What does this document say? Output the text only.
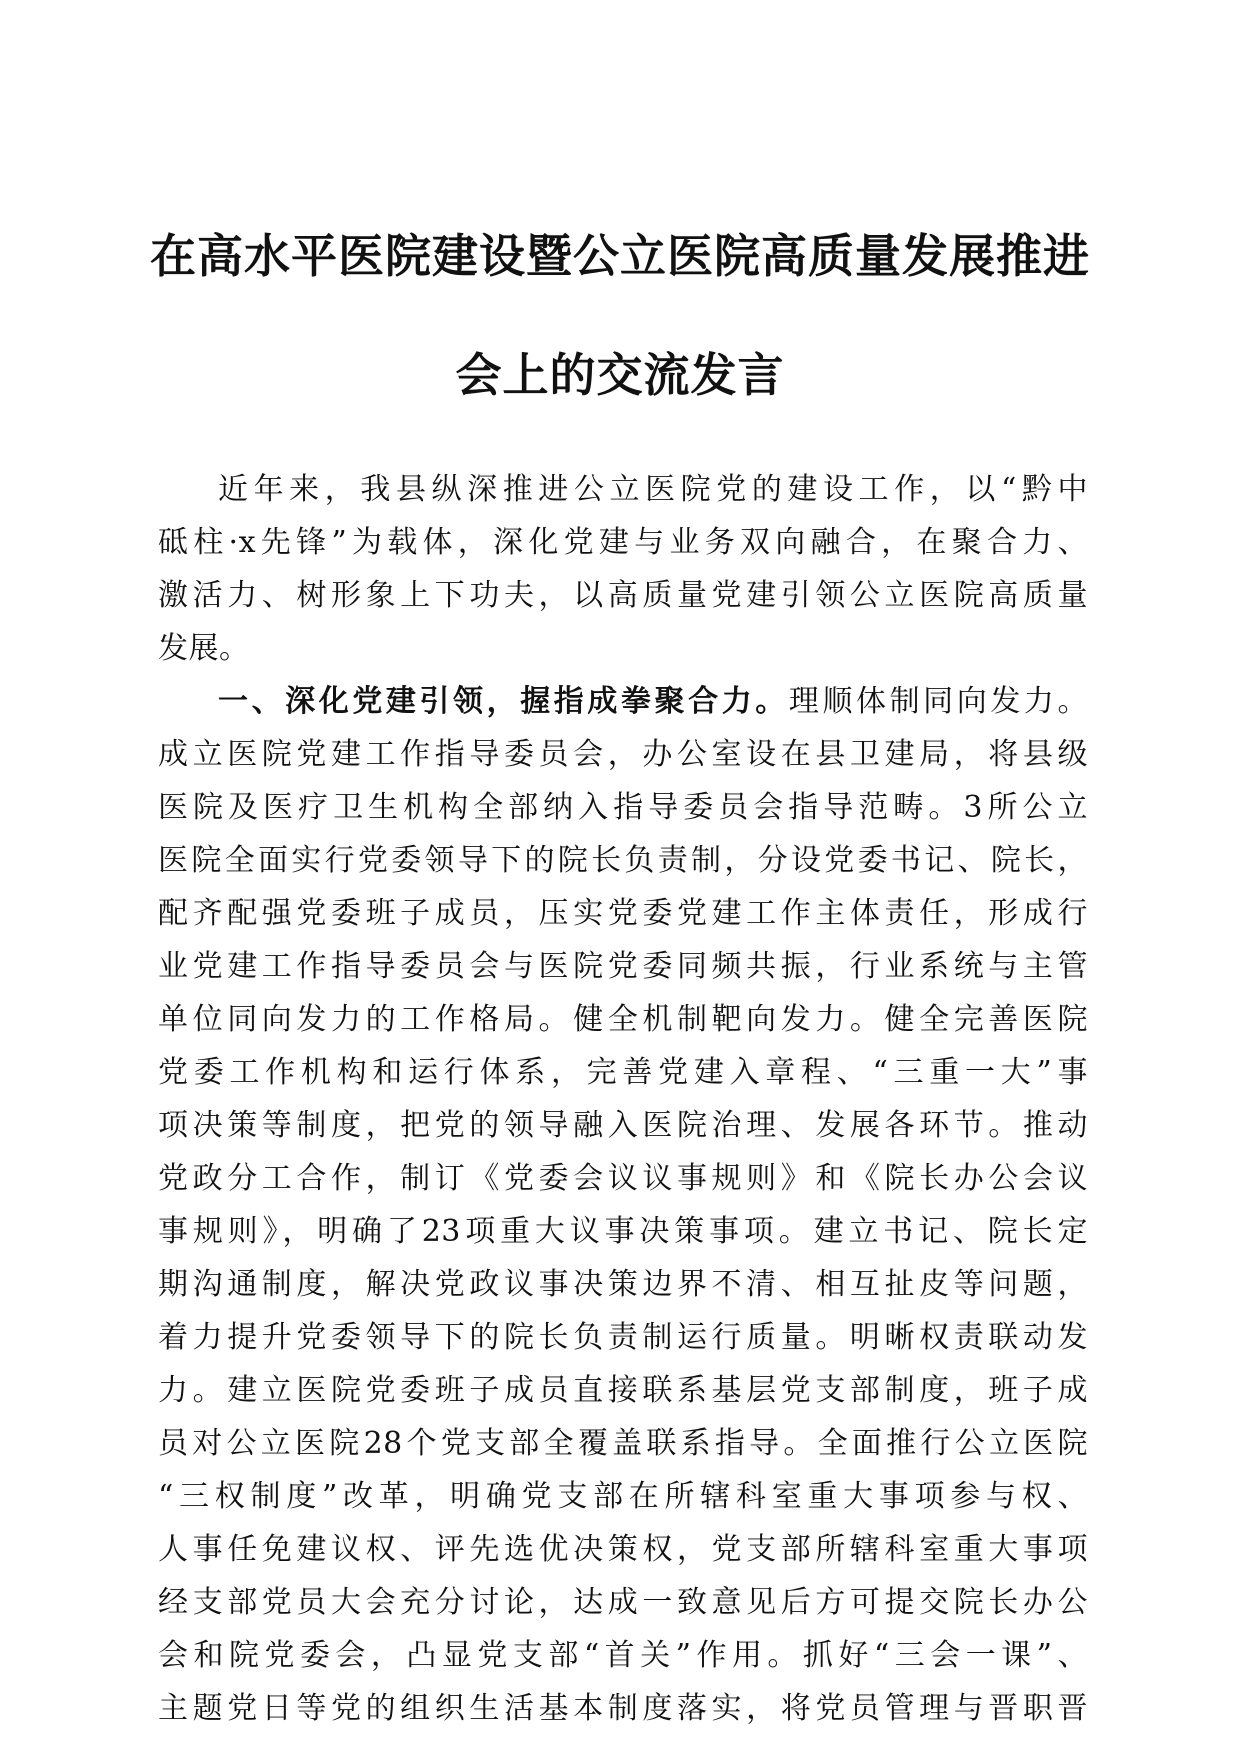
在高水平医院建设暨公立医院高质量发展推进
会上的交流发言
近年来，我县纵深推进公立医院党的建设工作，以“黔中
砥柱·x先锋”为载体，深化党建与业务双向融合，在聚合力、
激活力、树形象上下功夫，以高质量党建引领公立医院高质量
发展。
一、深化党建引领，握指成拳聚合力。理顺体制同向发力。
成立医院党建工作指导委员会，办公室设在县卫建局，将县级
医院及医疗卫生机构全部纳入指导委员会指导范畴。3所公立
医院全面实行党委领导下的院长负责制，分设党委书记、院长，
配齐配强党委班子成员，压实党委党建工作主体责任，形成行
业党建工作指导委员会与医院党委同频共振，行业系统与主管
单位同向发力的工作格局。健全机制靶向发力。健全完善医院
党委工作机构和运行体系，完善党建入章程、“三重一大”事
项决策等制度，把党的领导融入医院治理、发展各环节。推动
党政分工合作，制订《党委会议议事规则》和《院长办公会议
事规则》，明确了23项重大议事决策事项。建立书记、院长定
期沟通制度，解决党政议事决策边界不清、相互扯皮等问题，
着力提升党委领导下的院长负责制运行质量。明晰权责联动发
力。建立医院党委班子成员直接联系基层党支部制度，班子成
员对公立医院28个党支部全覆盖联系指导。全面推行公立医院
“三权制度”改革，明确党支部在所辖科室重大事项参与权、
人事任免建议权、评先选优决策权，党支部所辖科室重大事项
经支部党员大会充分讨论，达成一致意见后方可提交院长办公
会和院党委会，凸显党支部“首关”作用。抓好“三会一课”、
主题党日等党的组织生活基本制度落实，将党员管理与晋职晋
